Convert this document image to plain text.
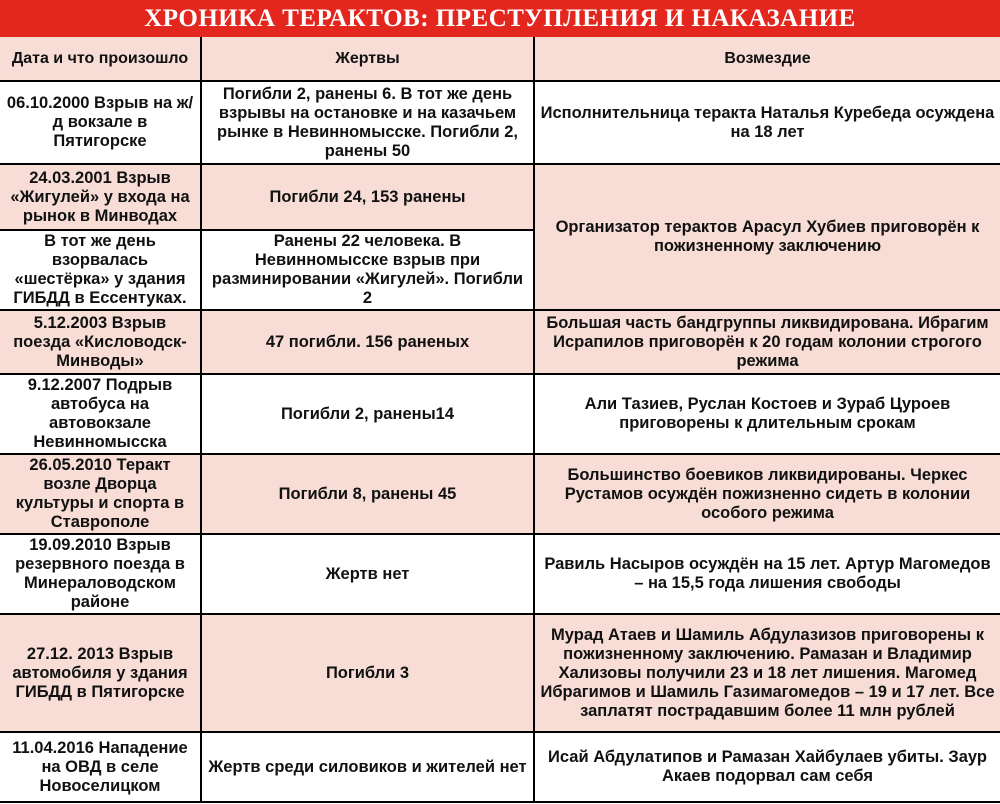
ХРОНИКА ТЕРАКТОВ: ПРЕСТУПЛЕНИЯ И НАКАЗАНИЕ
Дата и что произошло	Жертвы	Возмездие
06.10.2000 Взрыв на ж/д вокзале в Пятигорске	Погибли 2, ранены 6. В тот же день взрывы на остановке и на казачьем рынке в Невинномысске. Погибли 2, ранены 50	Исполнительница теракта Наталья Куребеда осуждена на 18 лет
24.03.2001 Взрыв «Жигулей» у входа на рынок в Минводах	Погибли 24, 153 ранены	Организатор терактов Арасул Хубиев приговорён к пожизненному заключению
В тот же день взорвалась «шестёрка» у здания ГИБДД в Ессентуках.	Ранены 22 человека. В Невинномысске взрыв при разминировании «Жигулей». Погибли 2	
5.12.2003 Взрыв поезда «Кисловодск-Минводы»	47 погибли. 156 раненых	Большая часть бандгруппы ликвидирована. Ибрагим Исрапилов приговорён к 20 годам колонии строгого режима
9.12.2007 Подрыв автобуса на автовокзале Невинномысска	Погибли 2, ранены14	Али Тазиев, Руслан Костоев и Зураб Цуроев приговорены к длительным срокам
26.05.2010 Теракт возле Дворца культуры и спорта в Ставрополе	Погибли 8, ранены 45	Большинство боевиков ликвидированы. Черкес Рустамов осуждён пожизненно сидеть в колонии особого режима
19.09.2010 Взрыв резервного поезда в Минераловодском районе	Жертв нет	Равиль Насыров осуждён на 15 лет. Артур Магомедов – на 15,5 года лишения свободы
27.12. 2013 Взрыв автомобиля у здания ГИБДД в Пятигорске	Погибли 3	Мурад Атаев и Шамиль Абдулазизов приговорены к пожизненному заключению. Рамазан и Владимир Хализовы получили 23 и 18 лет лишения. Магомед Ибрагимов и Шамиль Газимагомедов – 19 и 17 лет. Все заплатят пострадавшим более 11 млн рублей
11.04.2016 Нападение на ОВД в селе Новоселицком	Жертв среди силовиков и жителей нет	Исай Абдулатипов и Рамазан Хайбулаев убиты. Заур Акаев подорвал сам себя
